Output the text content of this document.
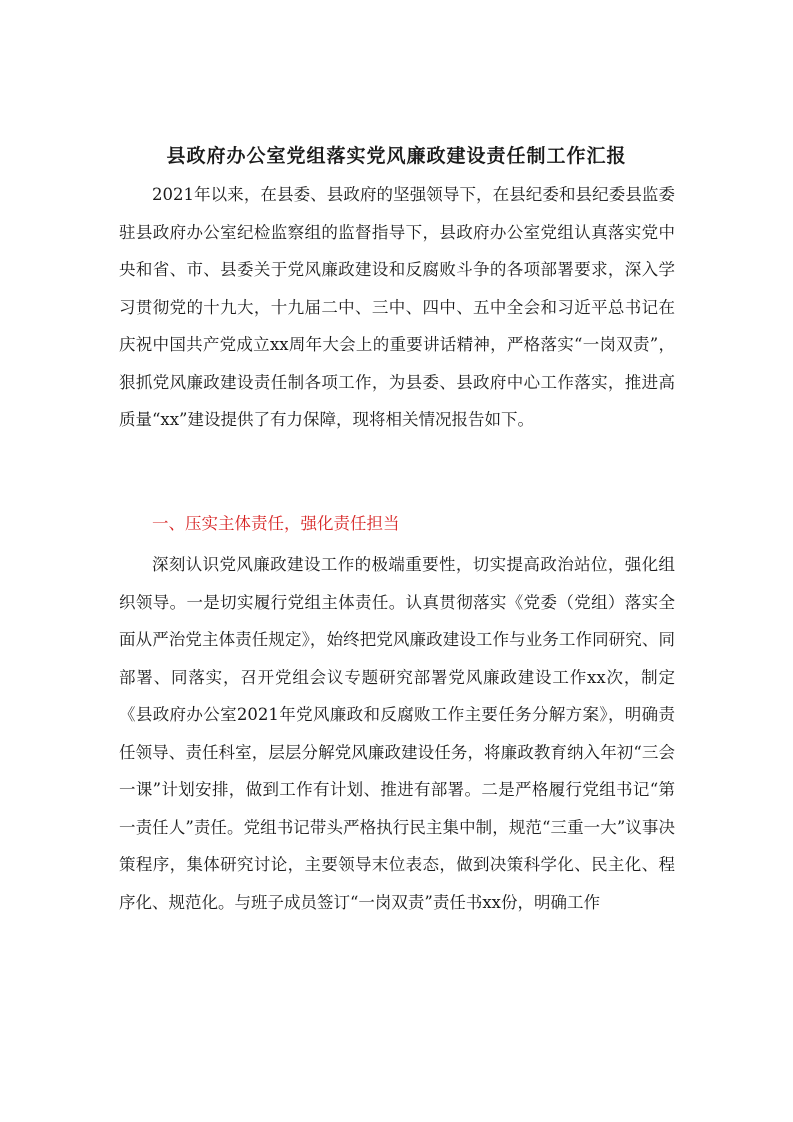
县政府办公室党组落实党风廉政建设责任制工作汇报

2021年以来，在县委、县政府的坚强领导下，在县纪委和县纪委县监委驻县政府办公室纪检监察组的监督指导下，县政府办公室党组认真落实党中央和省、市、县委关于党风廉政建设和反腐败斗争的各项部署要求，深入学习贯彻党的十九大，十九届二中、三中、四中、五中全会和习近平总书记在庆祝中国共产党成立xx周年大会上的重要讲话精神，严格落实“一岗双责”，狠抓党风廉政建设责任制各项工作，为县委、县政府中心工作落实，推进高质量“xx”建设提供了有力保障，现将相关情况报告如下。

一、压实主体责任，强化责任担当

深刻认识党风廉政建设工作的极端重要性，切实提高政治站位，强化组织领导。一是切实履行党组主体责任。认真贯彻落实《党委（党组）落实全面从严治党主体责任规定》，始终把党风廉政建设工作与业务工作同研究、同部署、同落实，召开党组会议专题研究部署党风廉政建设工作xx次，制定《县政府办公室2021年党风廉政和反腐败工作主要任务分解方案》，明确责任领导、责任科室，层层分解党风廉政建设任务，将廉政教育纳入年初“三会一课”计划安排，做到工作有计划、推进有部署。二是严格履行党组书记“第一责任人”责任。党组书记带头严格执行民主集中制，规范“三重一大”议事决策程序，集体研究讨论，主要领导末位表态，做到决策科学化、民主化、程序化、规范化。与班子成员签订“一岗双责”责任书xx份，明确工作
